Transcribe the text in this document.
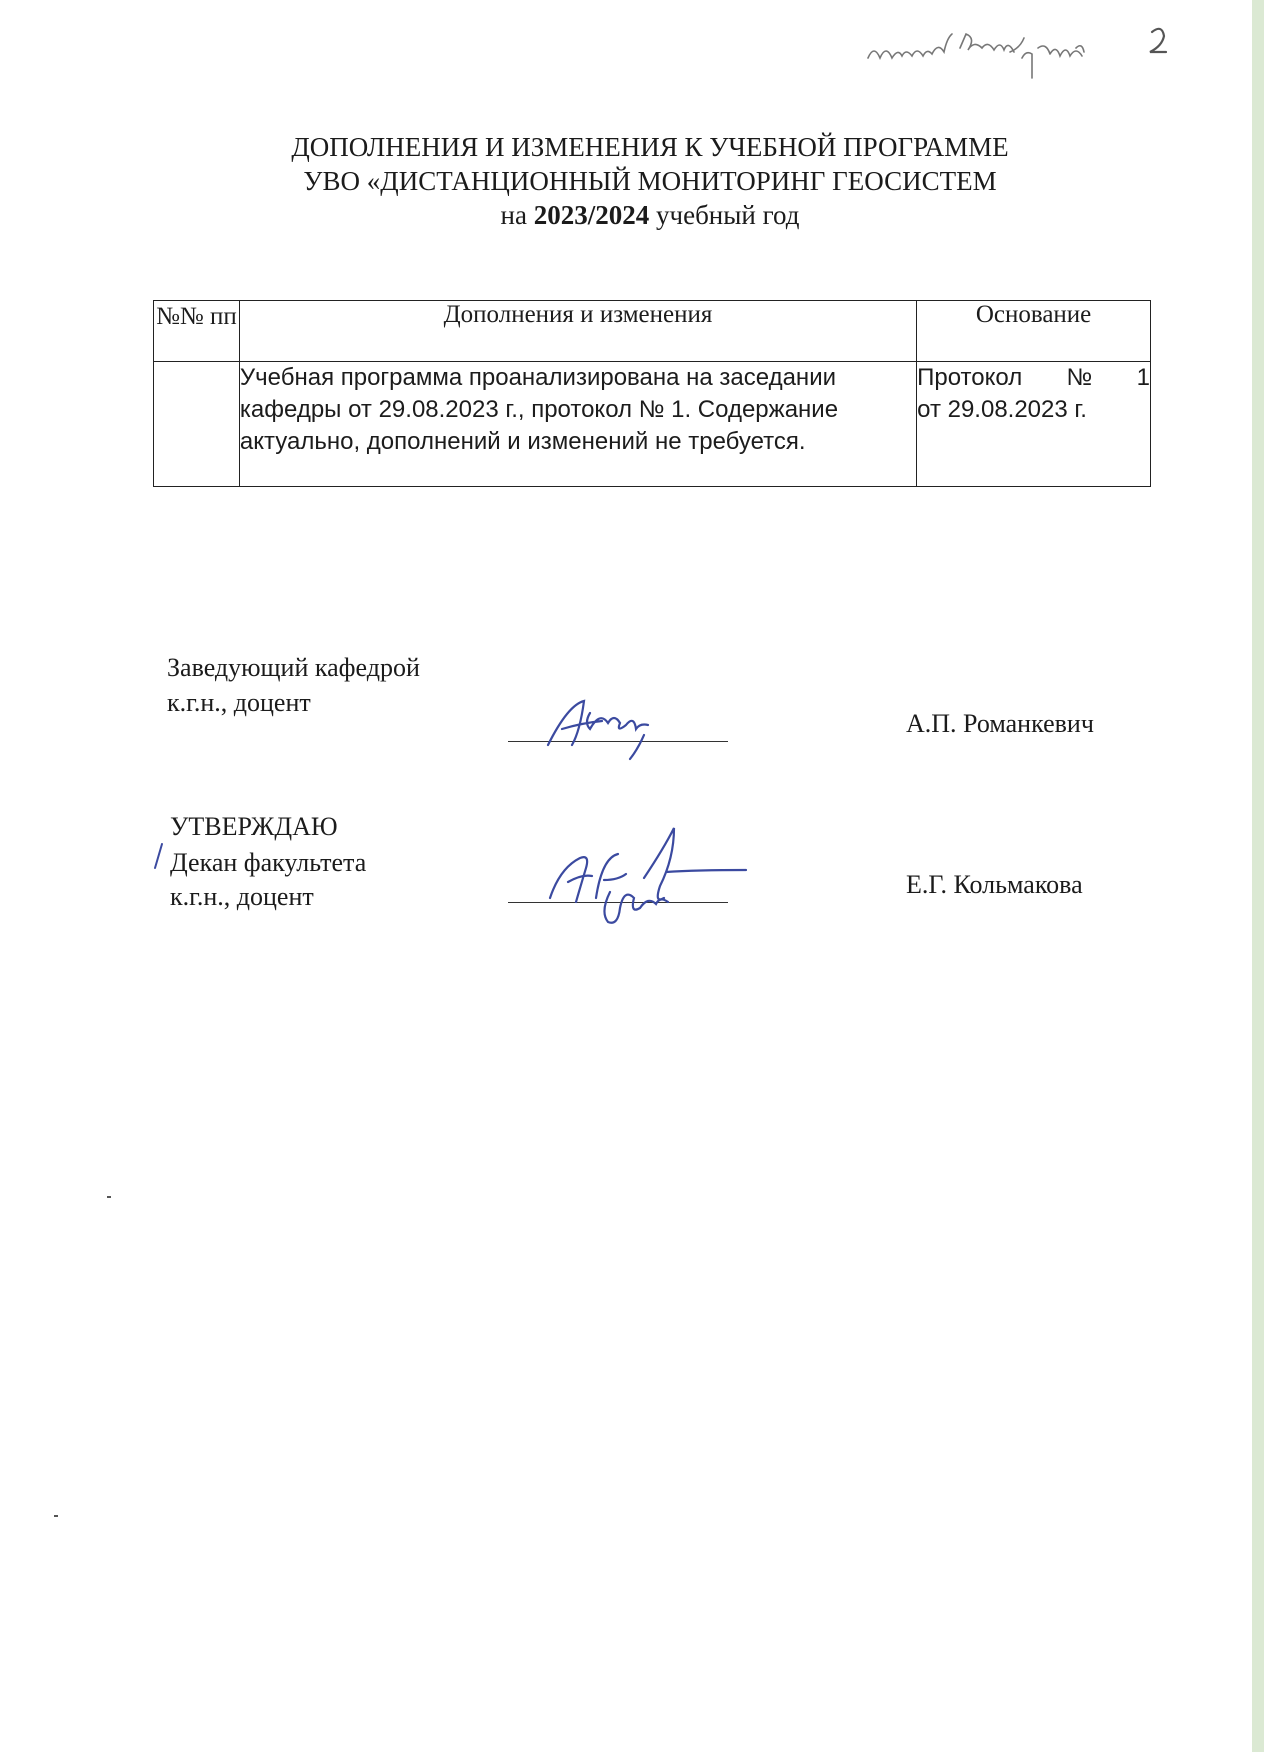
ДОПОЛНЕНИЯ И ИЗМЕНЕНИЯ К УЧЕБНОЙ ПРОГРАММЕ
УВО «ДИСТАНЦИОННЫЙ МОНИТОРИНГ ГЕОСИСТЕМ
на 2023/2024 учебный год
№№ пп	Дополнения и изменения	Основание
	Учебная программа проанализирована на заседании кафедры от 29.08.2023 г., протокол № 1. Содержание актуально, дополнений и изменений не требуется.	Протокол № 1
от 29.08.2023 г.
Заведующий кафедрой
к.г.н., доцент
А.П. Романкевич
УТВЕРЖДАЮ
Декан факультета
к.г.н., доцент	Е.Г. Кольмакова
